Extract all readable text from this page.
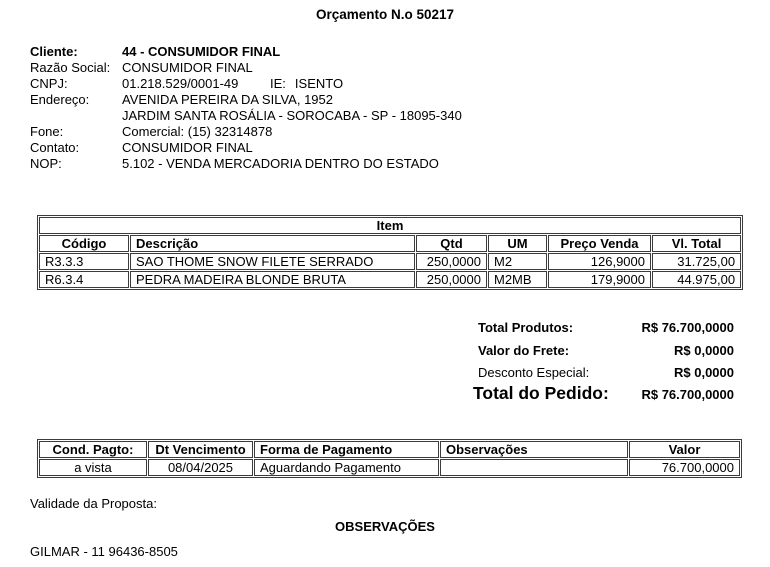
Orçamento N.o 50217
Cliente:	44 - CONSUMIDOR FINAL
Razão Social: CONSUMIDOR FINAL
CNPJ:	01.218.529/0001-49	IE: ISENTO
Endereço:	AVENIDA PEREIRA DA SILVA, 1952
JARDIM SANTA ROSÁLIA - SOROCABA - SP - 18095-340
Fone:	Comercial: (15) 32314878
Contato:	CONSUMIDOR FINAL
NOP:	5.102 - VENDA MERCADORIA DENTRO DO ESTADO
Item					
Código	Descrição	Qtd	UM	Preço Venda	Vl. Total
R3.3.3	SAO THOME SNOW FILETE SERRADO	250,0000	M2	126,9000	31.725,00
R6.3.4	PEDRA MADEIRA BLONDE BRUTA	250,0000	M2MB	179,9000	44.975,00
Total Produtos:	R$ 76.700,0000
Valor do Frete:	R$ 0,0000
Desconto Especial:	R$ 0,0000
Total do Pedido:	R$ 76.700,0000
Cond. Pagto:	Dt Vencimento	Forma de Pagamento	Observações	Valor
a vista	08/04/2025	Aguardando Pagamento		76.700,0000
Validade da Proposta:
OBSERVAÇÕES
GILMAR - 11 96436-8505
